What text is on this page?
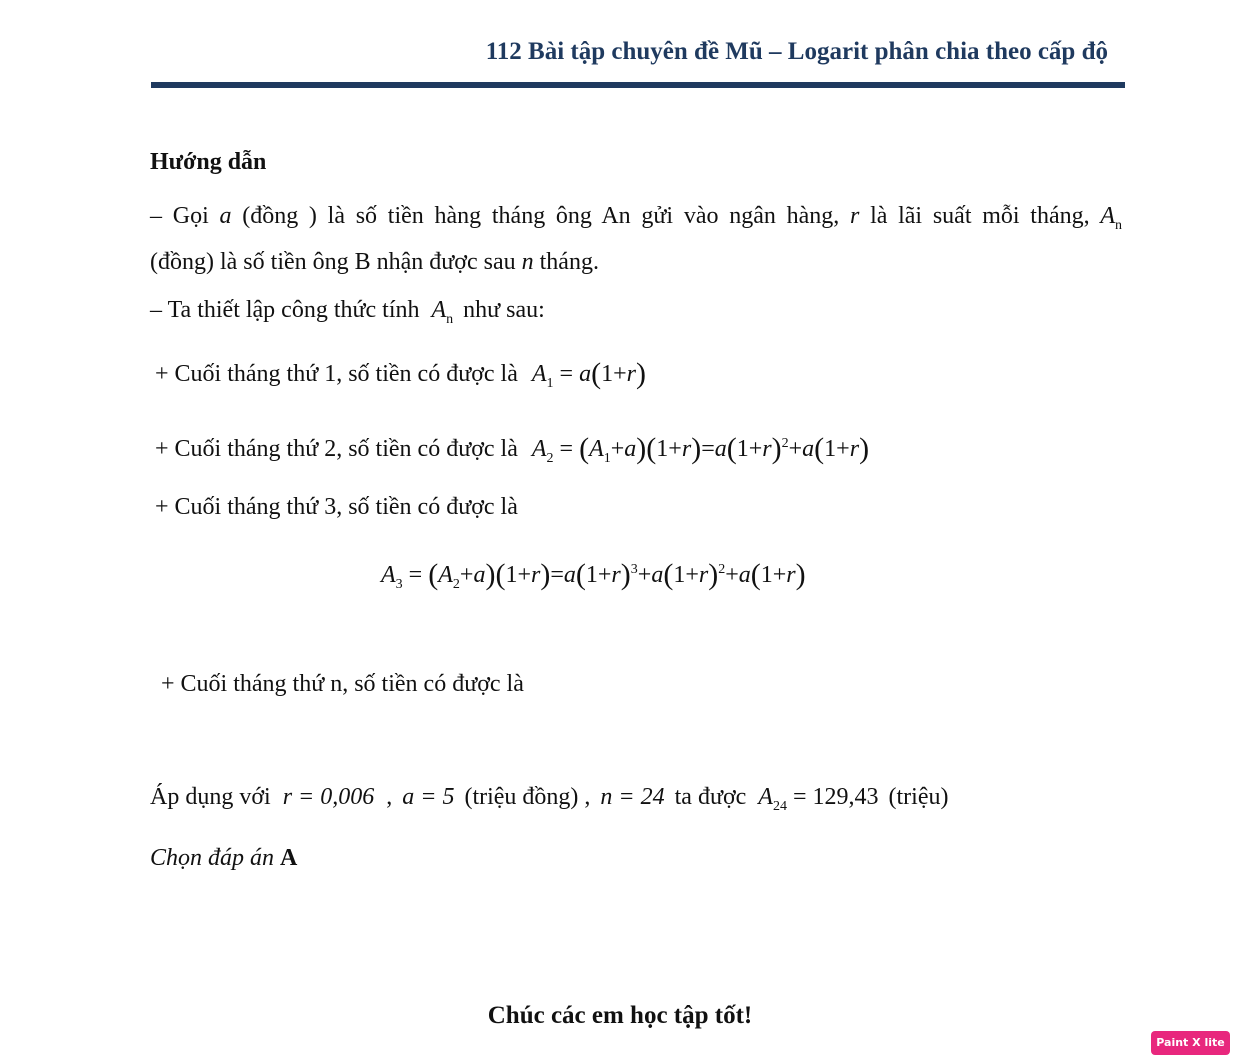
112 Bài tập chuyên đề Mũ – Logarit phân chia theo cấp độ
Hướng dẫn
– Gọi a (đồng ) là số tiền hàng tháng ông An gửi vào ngân hàng, r là lãi suất mỗi tháng, $A_n$
(đồng) là số tiền ông B nhận được sau n tháng.
– Ta thiết lập công thức tính $A_n$ như sau:
+ Cuối tháng thứ 1, số tiền có được là $A_1 = a(1+r)$
+ Cuối tháng thứ 2, số tiền có được là $A_2 = (A_1+a)(1+r)=a(1+r)^2+a(1+r)$
+ Cuối tháng thứ 3, số tiền có được là
$A_3 = (A_2+a)(1+r)=a(1+r)^3+a(1+r)^2+a(1+r)$
+ Cuối tháng thứ n, số tiền có được là
Áp dụng với r = 0,006 , a = 5 (triệu đồng) , n = 24 ta được $A_{24} = 129,43$ (triệu)
Chọn đáp án A
Chúc các em học tập tốt!
Paint X lite
